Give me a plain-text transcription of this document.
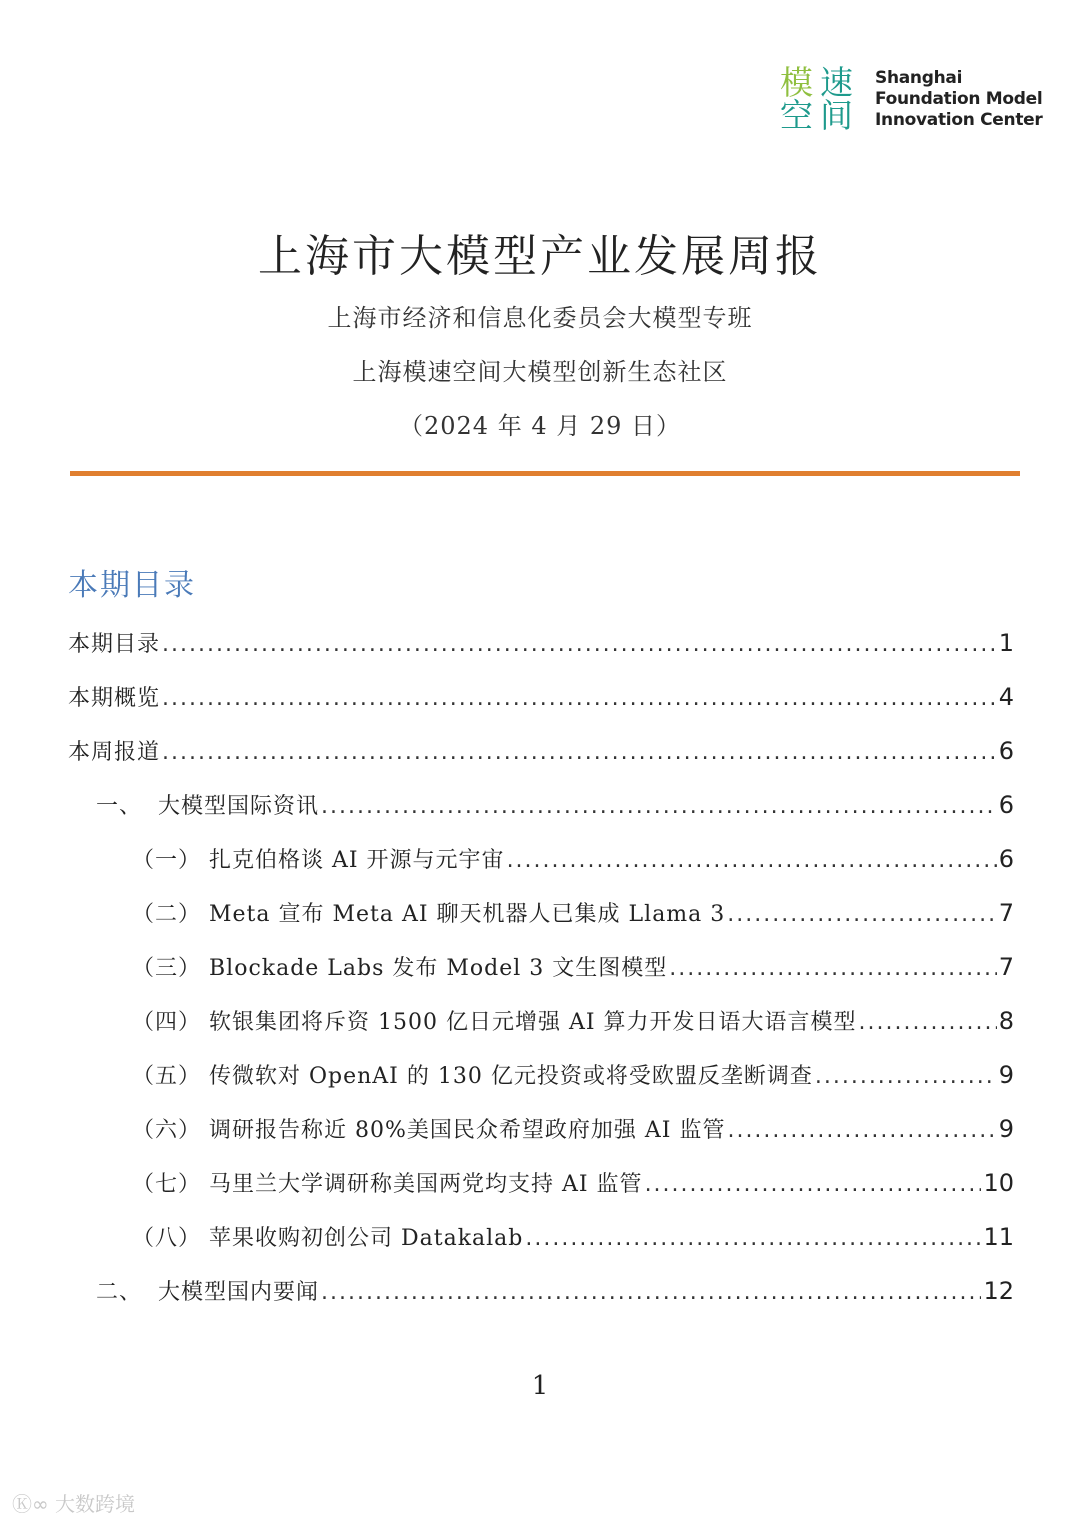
模 速
空 间
Shanghai
Foundation Model
Innovation Center
上海市大模型产业发展周报
上海市经济和信息化委员会大模型专班
上海模速空间大模型创新生态社区
（2024 年 4 月 29 日）
本期目录
本期目录 .....	1
本期概览 .....	4
本周报道 .....	6
一、  大模型国际资讯 .....	6
（一） 扎克伯格谈 AI 开源与元宇宙 .....	6
（二） Meta 宣布 Meta AI 聊天机器人已集成 Llama 3 .....	7
（三） Blockade Labs 发布 Model 3 文生图模型 .....	7
（四） 软银集团将斥资 1500 亿日元增强 AI 算力开发日语大语言模型 .....	8
（五） 传微软对 OpenAI 的 130 亿元投资或将受欧盟反垄断调查 .....	9
（六） 调研报告称近 80%美国民众希望政府加强 AI 监管 .....	9
（七） 马里兰大学调研称美国两党均支持 AI 监管 .....	10
（八） 苹果收购初创公司 Datakalab .....	11
二、  大模型国内要闻 .....	12
1
Ⓚ∞ 大数跨境
